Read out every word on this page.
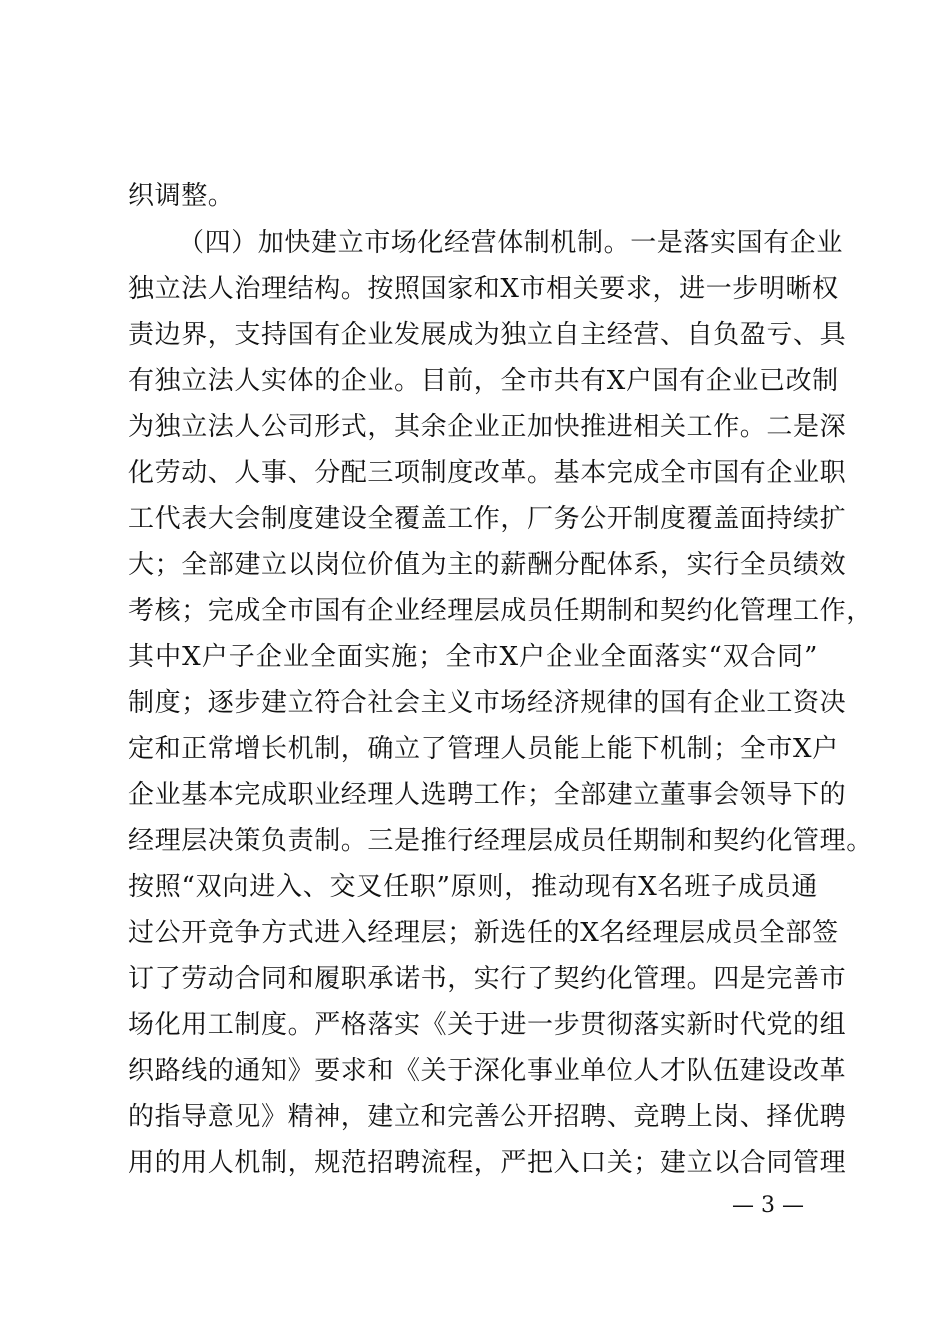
织调整。
（四）加快建立市场化经营体制机制。一是落实国有企业
独立法人治理结构。按照国家和X市相关要求，进一步明晰权
责边界，支持国有企业发展成为独立自主经营、自负盈亏、具
有独立法人实体的企业。目前，全市共有X户国有企业已改制
为独立法人公司形式，其余企业正加快推进相关工作。二是深
化劳动、人事、分配三项制度改革。基本完成全市国有企业职
工代表大会制度建设全覆盖工作，厂务公开制度覆盖面持续扩
大；全部建立以岗位价值为主的薪酬分配体系，实行全员绩效
考核；完成全市国有企业经理层成员任期制和契约化管理工作，
其中X户子企业全面实施；全市X户企业全面落实“双合同”
制度；逐步建立符合社会主义市场经济规律的国有企业工资决
定和正常增长机制，确立了管理人员能上能下机制；全市X户
企业基本完成职业经理人选聘工作；全部建立董事会领导下的
经理层决策负责制。三是推行经理层成员任期制和契约化管理。
按照“双向进入、交叉任职”原则，推动现有X名班子成员通
过公开竞争方式进入经理层；新选任的X名经理层成员全部签
订了劳动合同和履职承诺书，实行了契约化管理。四是完善市
场化用工制度。严格落实《关于进一步贯彻落实新时代党的组
织路线的通知》要求和《关于深化事业单位人才队伍建设改革
的指导意见》精神，建立和完善公开招聘、竞聘上岗、择优聘
用的用人机制，规范招聘流程，严把入口关；建立以合同管理
— 3 —
